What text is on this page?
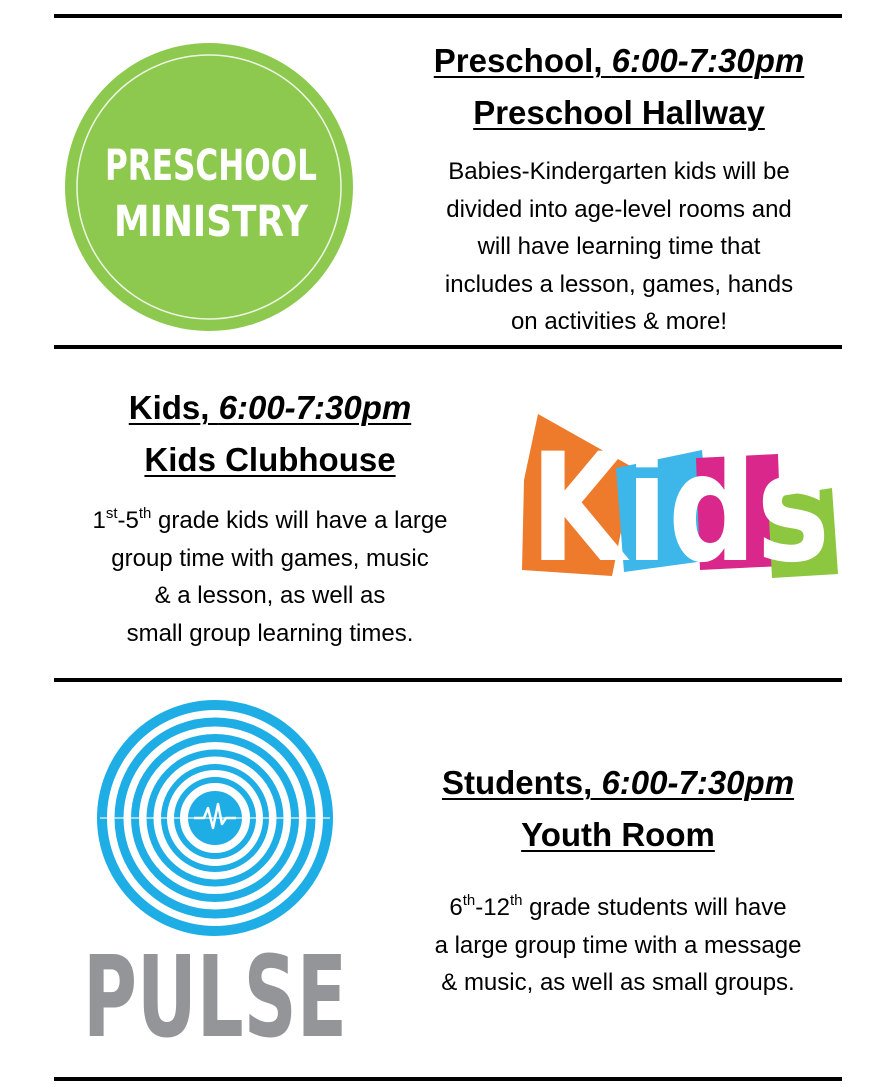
PRESCHOOL
MINISTRY
Preschool, 6:00-7:30pm
Preschool Hallway
Babies-Kindergarten kids will be
divided into age-level rooms and
will have learning time that
includes a lesson, games, hands
on activities & more!
Kids, 6:00-7:30pm
Kids Clubhouse
1st-5th grade kids will have a large
group time with games, music
& a lesson, as well as
small group learning times.
Kids
PULSE
Students, 6:00-7:30pm
Youth Room
6th-12th grade students will have
a large group time with a message
& music, as well as small groups.
